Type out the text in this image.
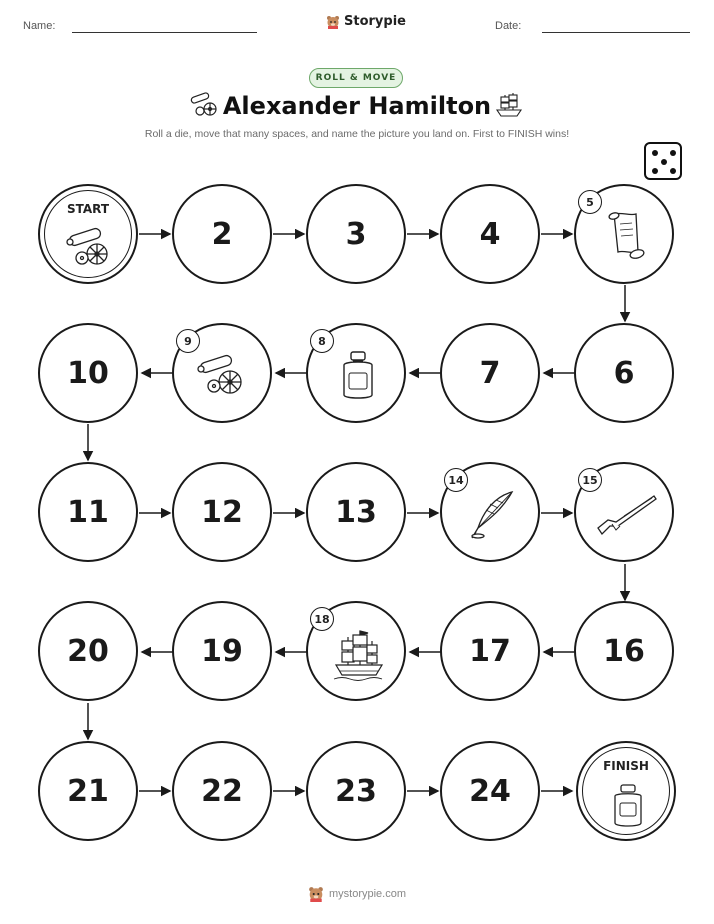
Name:	Storypie	Date:
ROLL & MOVE
Alexander Hamilton
Roll a die, move that many spaces, and name the picture you land on. First to FINISH wins!
START
2	3	4
5
10
9	8
7	6
11	12	13
14	15
20	19
18
17	16
21	22	23	24
FINISH
mystorypie.com
